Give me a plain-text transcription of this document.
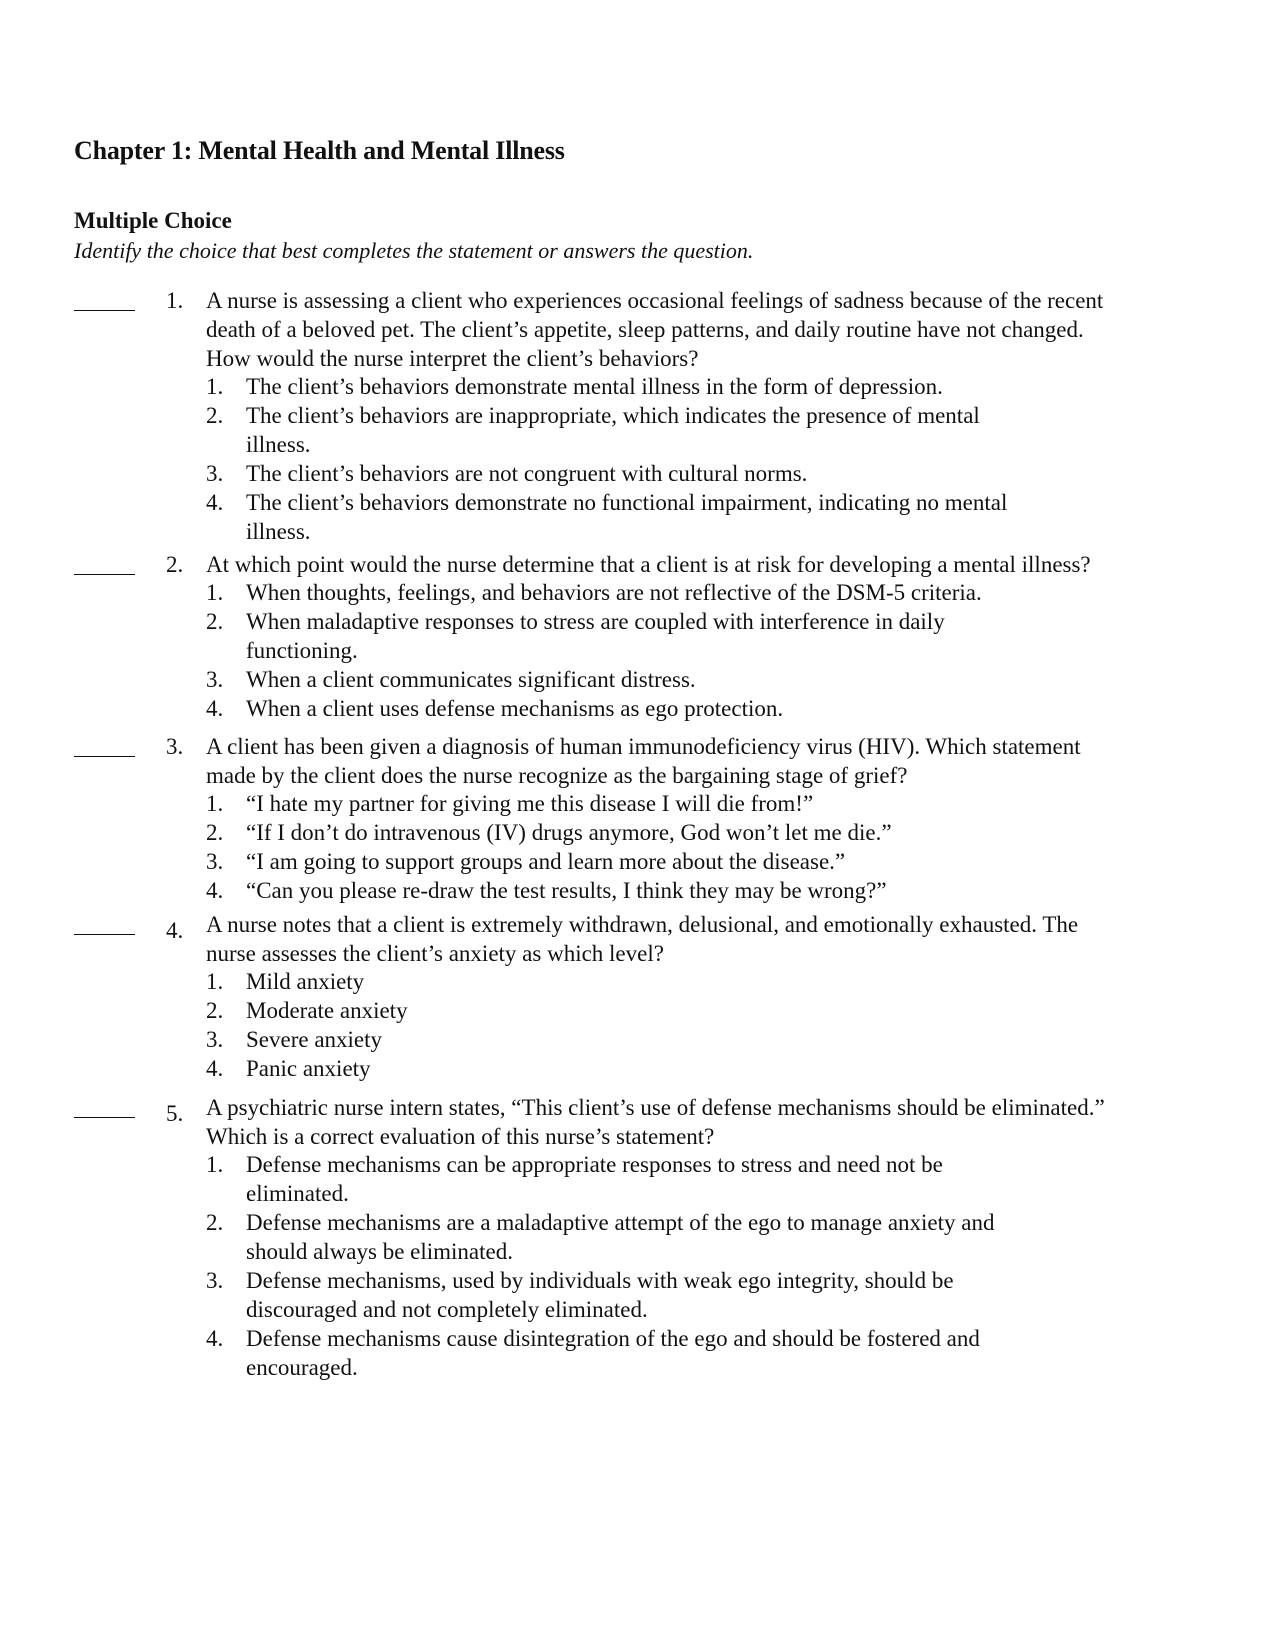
Chapter 1: Mental Health and Mental Illness
Multiple Choice
Identify the choice that best completes the statement or answers the question.
1. A nurse is assessing a client who experiences occasional feelings of sadness because of the recent
death of a beloved pet. The client’s appetite, sleep patterns, and daily routine have not changed.
How would the nurse interpret the client’s behaviors?
1. The client’s behaviors demonstrate mental illness in the form of depression.
2. The client’s behaviors are inappropriate, which indicates the presence of mental
illness.
3. The client’s behaviors are not congruent with cultural norms.
4. The client’s behaviors demonstrate no functional impairment, indicating no mental
illness.
2. At which point would the nurse determine that a client is at risk for developing a mental illness?
1. When thoughts, feelings, and behaviors are not reflective of the DSM-5 criteria.
2. When maladaptive responses to stress are coupled with interference in daily
functioning.
3. When a client communicates significant distress.
4. When a client uses defense mechanisms as ego protection.
3. A client has been given a diagnosis of human immunodeficiency virus (HIV). Which statement
made by the client does the nurse recognize as the bargaining stage of grief?
1. “I hate my partner for giving me this disease I will die from!”
2. “If I don’t do intravenous (IV) drugs anymore, God won’t let me die.”
3. “I am going to support groups and learn more about the disease.”
4. “Can you please re-draw the test results, I think they may be wrong?”
4. A nurse notes that a client is extremely withdrawn, delusional, and emotionally exhausted. The
nurse assesses the client’s anxiety as which level?
1. Mild anxiety
2. Moderate anxiety
3. Severe anxiety
4. Panic anxiety
5. A psychiatric nurse intern states, “This client’s use of defense mechanisms should be eliminated.”
Which is a correct evaluation of this nurse’s statement?
1. Defense mechanisms can be appropriate responses to stress and need not be
eliminated.
2. Defense mechanisms are a maladaptive attempt of the ego to manage anxiety and
should always be eliminated.
3. Defense mechanisms, used by individuals with weak ego integrity, should be
discouraged and not completely eliminated.
4. Defense mechanisms cause disintegration of the ego and should be fostered and
encouraged.
